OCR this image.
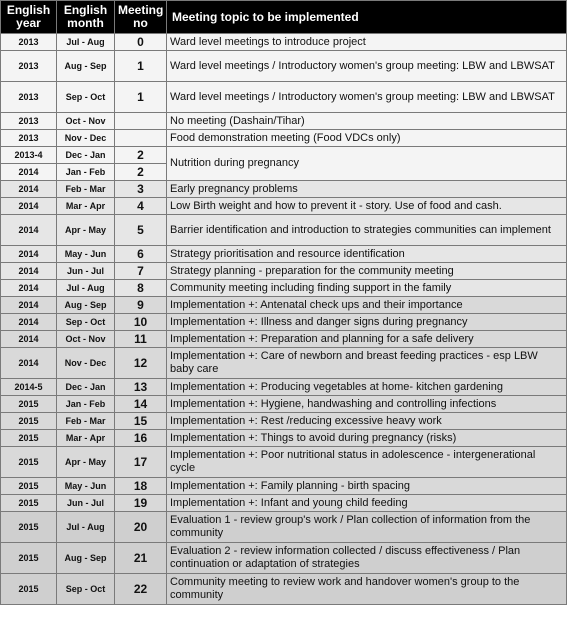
English year	English month	Meeting no	Meeting topic to be implemented
2013	Jul - Aug	0	Ward level meetings to introduce project
2013	Aug - Sep	1	Ward level meetings / Introductory women's group meeting: LBW and LBWSAT
2013	Sep - Oct	1	Ward level meetings / Introductory women's group meeting: LBW and LBWSAT
2013	Oct - Nov		No meeting (Dashain/Tihar)
2013	Nov - Dec		Food demonstration meeting (Food VDCs only)
2013-4	Dec - Jan	2	Nutrition during pregnancy
2014	Jan - Feb	2	
2014	Feb - Mar	3	Early pregnancy problems
2014	Mar - Apr	4	Low Birth weight and how to prevent it - story. Use of food and cash.
2014	Apr - May	5	Barrier identification and introduction to strategies communities can implement
2014	May - Jun	6	Strategy prioritisation and resource identification
2014	Jun - Jul	7	Strategy planning - preparation for the community meeting
2014	Jul - Aug	8	Community meeting including finding support in the family
2014	Aug - Sep	9	Implementation +: Antenatal check ups and their importance
2014	Sep - Oct	10	Implementation +: Illness and danger signs during pregnancy
2014	Oct - Nov	11	Implementation +: Preparation and planning for a safe delivery
2014	Nov - Dec	12	Implementation +: Care of newborn and breast feeding practices - esp LBW baby care
2014-5	Dec - Jan	13	Implementation +: Producing vegetables at home- kitchen gardening
2015	Jan - Feb	14	Implementation +: Hygiene, handwashing and controlling infections
2015	Feb - Mar	15	Implementation +: Rest /reducing excessive heavy work
2015	Mar - Apr	16	Implementation +: Things to avoid during pregnancy (risks)
2015	Apr - May	17	Implementation +: Poor nutritional status in adolescence - intergenerational cycle
2015	May - Jun	18	Implementation +: Family planning - birth spacing
2015	Jun - Jul	19	Implementation +: Infant and young child feeding
2015	Jul - Aug	20	Evaluation 1 - review group's work / Plan collection of information from the community
2015	Aug - Sep	21	Evaluation 2 - review information collected / discuss effectiveness / Plan continuation or adaptation of strategies
2015	Sep - Oct	22	Community meeting to review work and handover women's group to the community
